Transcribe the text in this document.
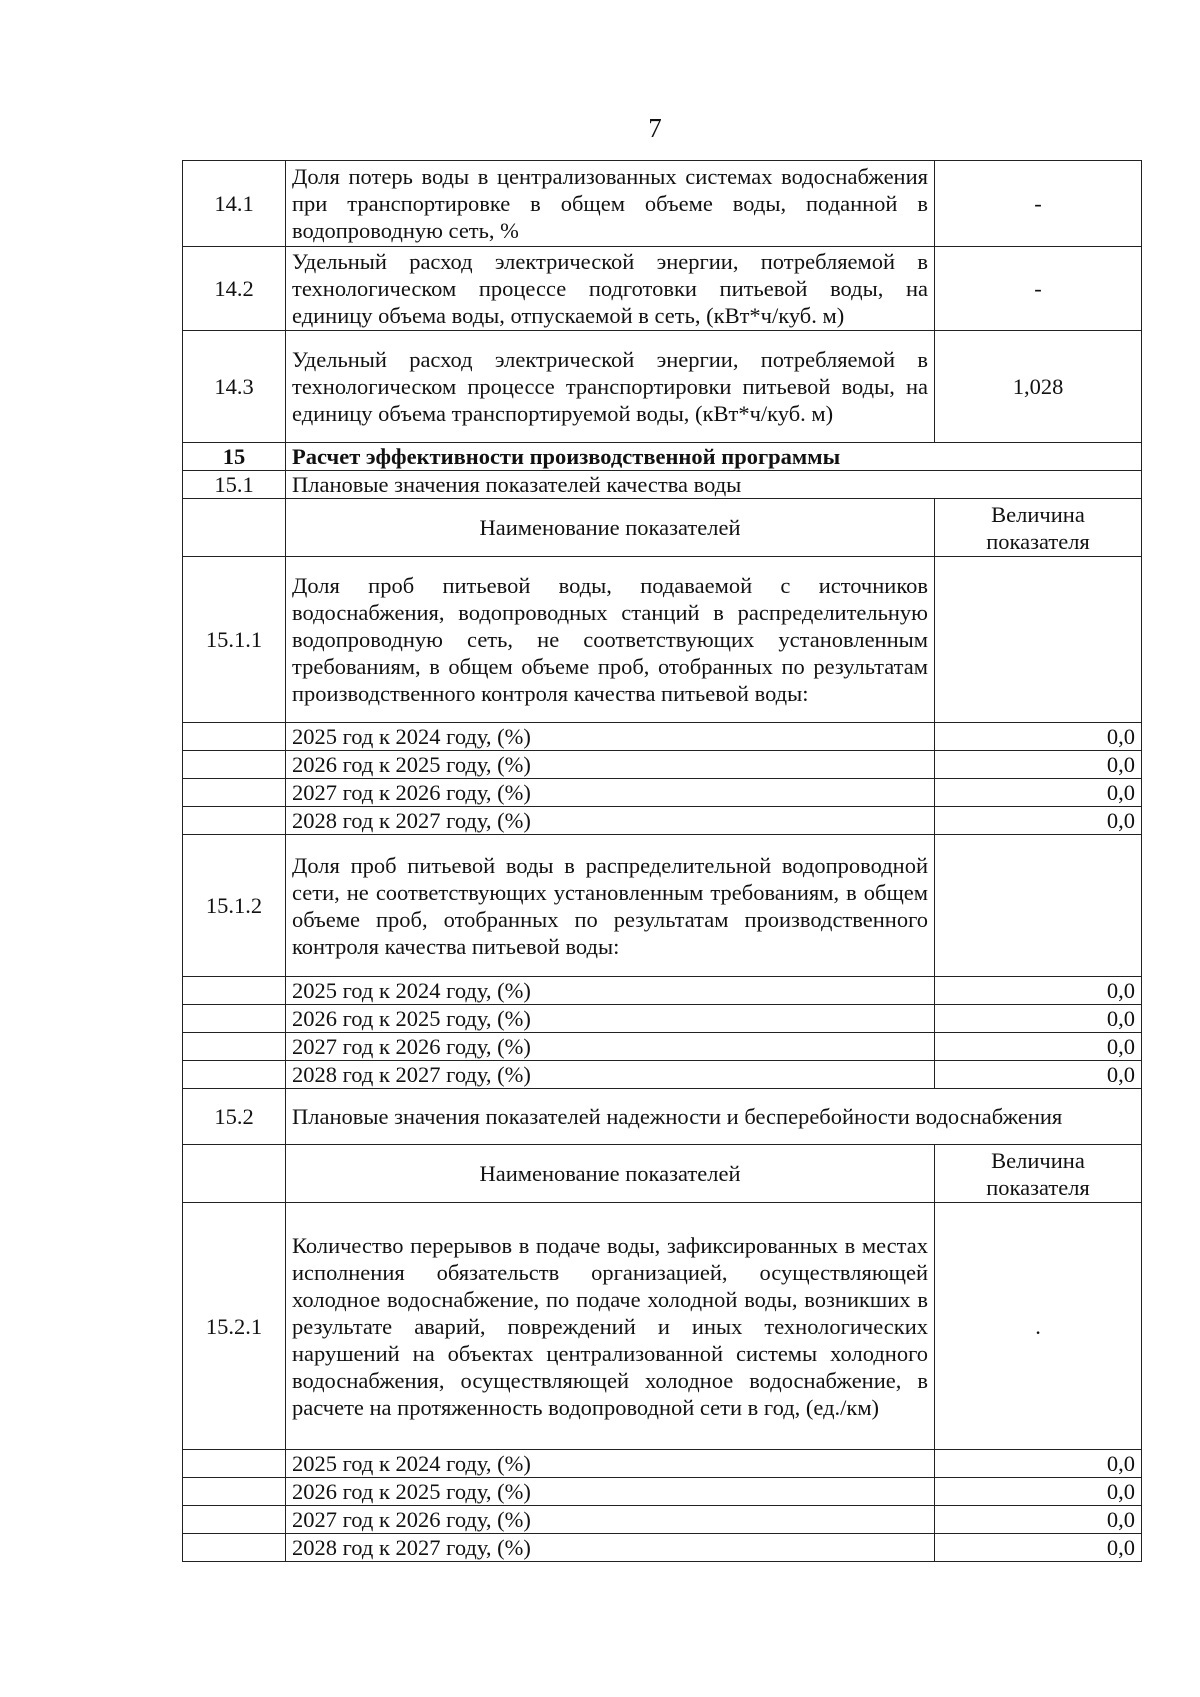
7
14.1	Доля потерь воды в централизованных системах водоснабжения при транспортировке в общем объеме воды, поданной в водопроводную сеть, %	-
14.2	Удельный расход электрической энергии, потребляемой в технологическом процессе подготовки питьевой воды, на единицу объема воды, отпускаемой в сеть, (кВт*ч/куб. м)	-
14.3	Удельный расход электрической энергии, потребляемой в технологическом процессе транспортировки питьевой воды, на единицу объема транспортируемой воды, (кВт*ч/куб. м)	1,028
15	Расчет эффективности производственной программы	
15.1	Плановые значения показателей качества воды	
	Наименование показателей	Величина показателя
15.1.1	Доля проб питьевой воды, подаваемой с источников водоснабжения, водопроводных станций в распределительную водопроводную сеть, не соответствующих установленным требованиям, в общем объеме проб, отобранных по результатам производственного контроля качества питьевой воды:	
	2025 год к 2024 году, (%)	0,0
	2026 год к 2025 году, (%)	0,0
	2027 год к 2026 году, (%)	0,0
	2028 год к 2027 году, (%)	0,0
15.1.2	Доля проб питьевой воды в распределительной водопроводной сети, не соответствующих установленным требованиям, в общем объеме проб, отобранных по результатам производственного контроля качества питьевой воды:	
	2025 год к 2024 году, (%)	0,0
	2026 год к 2025 году, (%)	0,0
	2027 год к 2026 году, (%)	0,0
	2028 год к 2027 году, (%)	0,0
15.2	Плановые значения показателей надежности и бесперебойности водоснабжения	
	Наименование показателей	Величина показателя
15.2.1	Количество перерывов в подаче воды, зафиксированных в местах исполнения обязательств организацией, осуществляющей холодное водоснабжение, по подаче холодной воды, возникших в результате аварий, повреждений и иных технологических нарушений на объектах централизованной системы холодного водоснабжения, осуществляющей холодное водоснабжение, в расчете на протяженность водопроводной сети в год, (ед./км)	.
	2025 год к 2024 году, (%)	0,0
	2026 год к 2025 году, (%)	0,0
	2027 год к 2026 году, (%)	0,0
	2028 год к 2027 году, (%)	0,0
